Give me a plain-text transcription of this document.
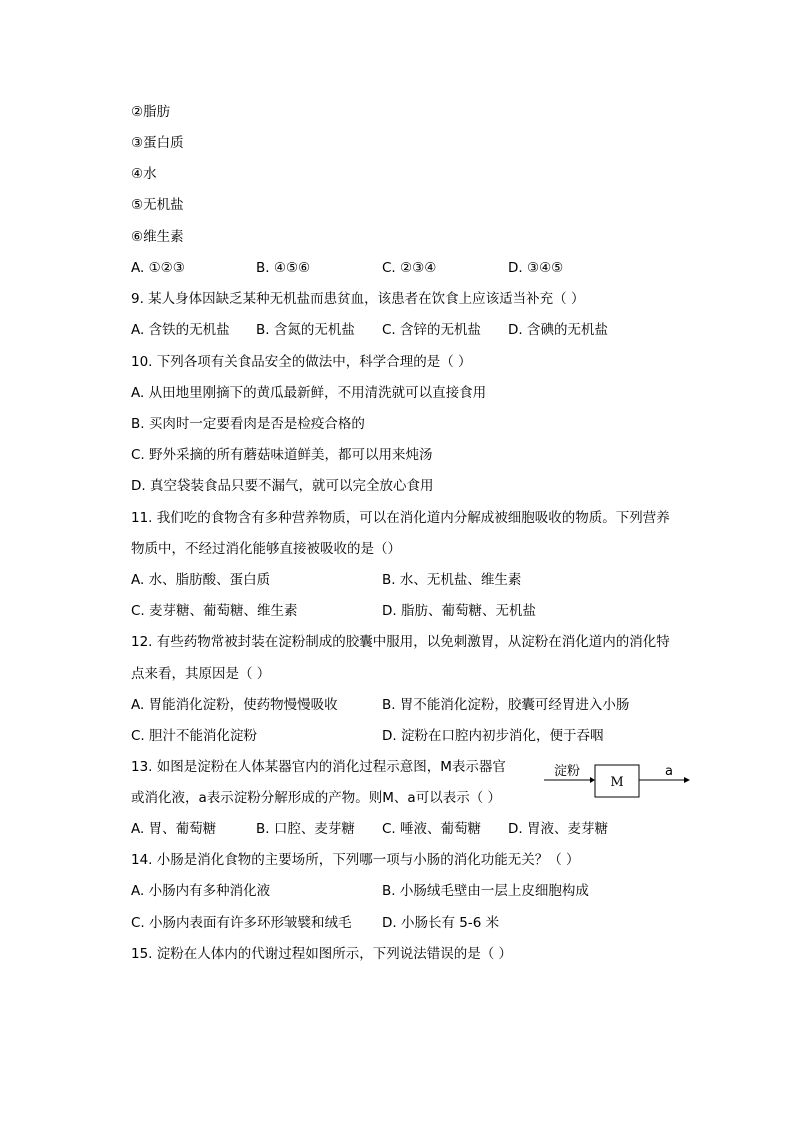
②脂肪
③蛋白质
④水
⑤无机盐
⑥维生素
A. ①②③	B. ④⑤⑥	C. ②③④	D. ③④⑤
9. 某人身体因缺乏某种无机盐而患贫血，该患者在饮食上应该适当补充（ ）
A. 含铁的无机盐 B. 含氮的无机盐 C. 含锌的无机盐 D. 含碘的无机盐
10. 下列各项有关食品安全的做法中，科学合理的是（ ）
A. 从田地里刚摘下的黄瓜最新鲜，不用清洗就可以直接食用
B. 买肉时一定要看肉是否是检疫合格的
C. 野外采摘的所有蘑菇味道鲜美，都可以用来炖汤
D. 真空袋装食品只要不漏气，就可以完全放心食用
11. 我们吃的食物含有多种营养物质，可以在消化道内分解成被细胞吸收的物质。下列营养
物质中，不经过消化能够直接被吸收的是（）
A. 水、脂肪酸、蛋白质	B. 水、无机盐、维生素
C. 麦芽糖、葡萄糖、维生素	D. 脂肪、葡萄糖、无机盐
12. 有些药物常被封装在淀粉制成的胶囊中服用，以免刺激胃，从淀粉在消化道内的消化特
点来看，其原因是（ ）
A. 胃能消化淀粉，使药物慢慢吸收	B. 胃不能消化淀粉，胶囊可经胃进入小肠
C. 胆汁不能消化淀粉	D. 淀粉在口腔内初步消化，便于吞咽
13. 如图是淀粉在人体某器官内的消化过程示意图，M表示器官
或消化液，a表示淀粉分解形成的产物。则M、a可以表示（ ）
淀粉
M
a
A. 胃、葡萄糖	B. 口腔、麦芽糖 C. 唾液、葡萄糖 D. 胃液、麦芽糖
14. 小肠是消化食物的主要场所，下列哪一项与小肠的消化功能无关？（ ）
A. 小肠内有多种消化液	B. 小肠绒毛壁由一层上皮细胞构成
C. 小肠内表面有许多环形皱襞和绒毛 D. 小肠长有 5-6 米
15. 淀粉在人体内的代谢过程如图所示，下列说法错误的是（ ）
